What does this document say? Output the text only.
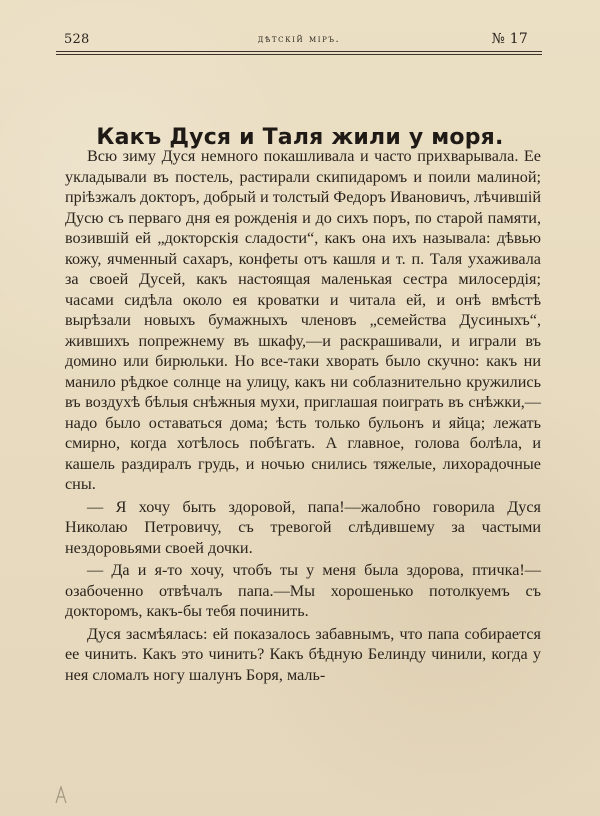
528	дѣтскій міръ.	№ 17
Какъ Дуся и Таля жили у моря.

Всю зиму Дуся немного покашливала и часто прихварывала. Ее укладывали въ постель, растирали скипидаромъ и поили малиной; пріѣзжалъ докторъ, добрый и толстый Федоръ Ивановичъ, лѣчившій Дусю съ перваго дня ея рожденія и до сихъ поръ, по старой памяти, возившій ей „докторскія сладости“, какъ она ихъ называла: дѣвью кожу, ячменный сахаръ, конфеты отъ кашля и т. п. Таля ухаживала за своей Дусей, какъ настоящая маленькая сестра милосердія; часами сидѣла около ея кроватки и читала ей, и онѣ вмѣстѣ вырѣзали новыхъ бумажныхъ членовъ „семейства Дусиныхъ“, жившихъ попрежнему въ шкафу,—и раскрашивали, и играли въ домино или бирюльки. Но все-таки хворать было скучно: какъ ни манило рѣдкое солнце на улицу, какъ ни соблазнительно кружились въ воздухѣ бѣлыя снѣжныя мухи, приглашая поиграть въ снѣжки,—надо было оставаться дома; ѣсть только бульонъ и яйца; лежать смирно, когда хотѣлось побѣгать. А главное, голова болѣла, и кашель раздиралъ грудь, и ночью снились тяжелые, лихорадочные сны.

— Я хочу быть здоровой, папа!—жалобно говорила Дуся Николаю Петровичу, съ тревогой слѣдившему за частыми нездоровьями своей дочки.

— Да и я-то хочу, чтобъ ты у меня была здорова, птичка!—озабоченно отвѣчалъ папа.—Мы хорошенько потолкуемъ съ докторомъ, какъ-бы тебя починить.

Дуся засмѣялась: ей показалось забавнымъ, что папа собирается ее чинить. Какъ это чинить? Какъ бѣдную Белинду чинили, когда у нея сломалъ ногу шалунъ Боря, маль-
